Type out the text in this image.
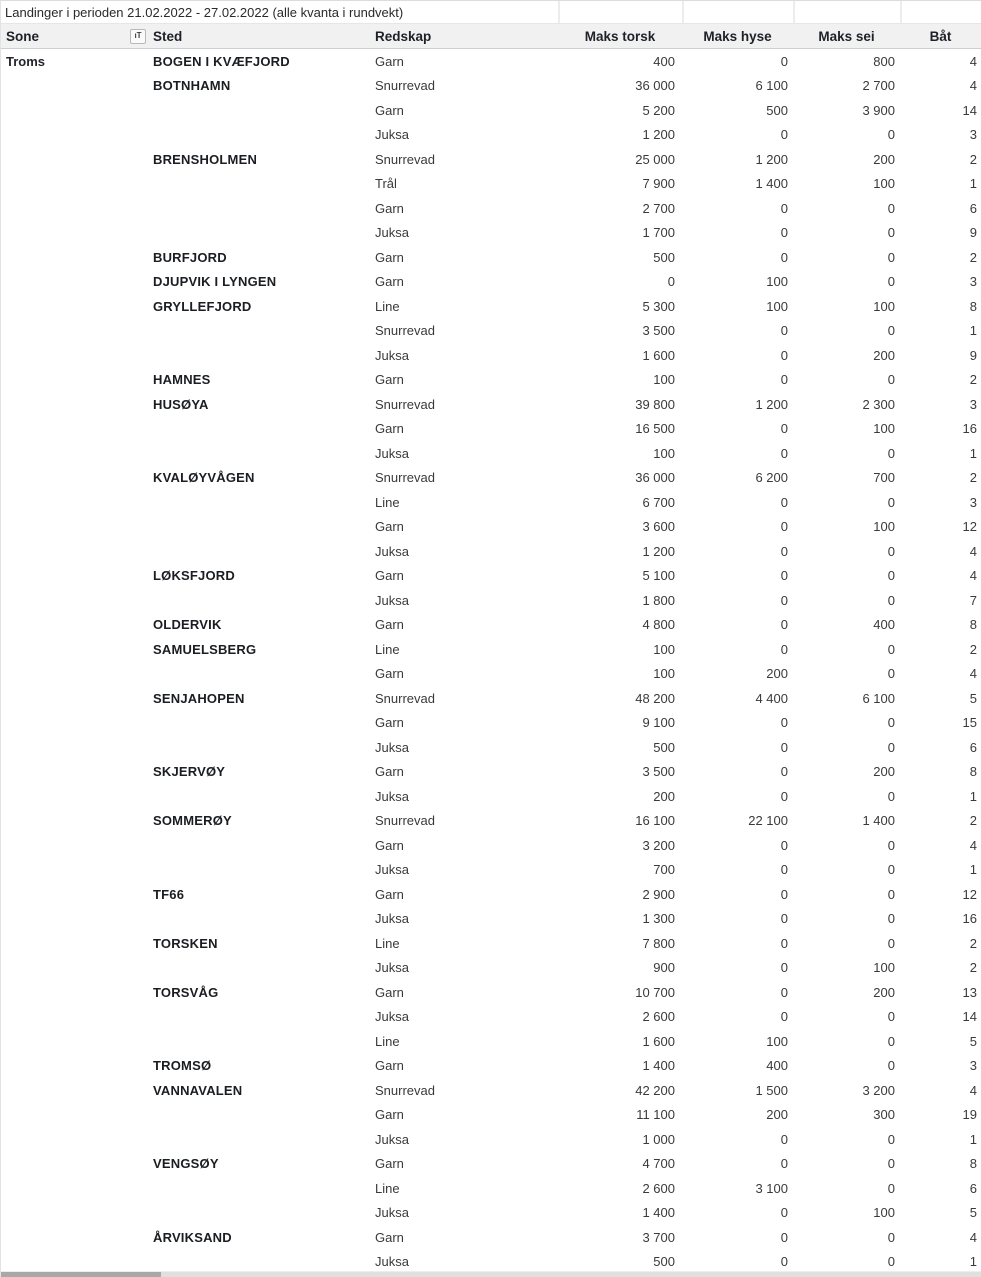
Landinger i perioden 21.02.2022 - 27.02.2022 (alle kvanta i rundvekt)
Sone	ıT Sted	Redskap	Maks torsk	Maks hyse	Maks sei	Båt
Troms	BOGEN I KVÆFJORD	Garn	400	0	800	4
BOTNHAMN	Snurrevad	36 000	6 100	2 700	4
Garn	5 200	500	3 900	14
Juksa	1 200	0	0	3
BRENSHOLMEN	Snurrevad	25 000	1 200	200	2
Trål	7 900	1 400	100	1
Garn	2 700	0	0	6
Juksa	1 700	0	0	9
BURFJORD	Garn	500	0	0	2
DJUPVIK I LYNGEN	Garn	0	100	0	3
GRYLLEFJORD	Line	5 300	100	100	8
Snurrevad	3 500	0	0	1
Juksa	1 600	0	200	9
HAMNES	Garn	100	0	0	2
HUSØYA	Snurrevad	39 800	1 200	2 300	3
Garn	16 500	0	100	16
Juksa	100	0	0	1
KVALØYVÅGEN	Snurrevad	36 000	6 200	700	2
Line	6 700	0	0	3
Garn	3 600	0	100	12
Juksa	1 200	0	0	4
LØKSFJORD	Garn	5 100	0	0	4
Juksa	1 800	0	0	7
OLDERVIK	Garn	4 800	0	400	8
SAMUELSBERG	Line	100	0	0	2
Garn	100	200	0	4
SENJAHOPEN	Snurrevad	48 200	4 400	6 100	5
Garn	9 100	0	0	15
Juksa	500	0	0	6
SKJERVØY	Garn	3 500	0	200	8
Juksa	200	0	0	1
SOMMERØY	Snurrevad	16 100	22 100	1 400	2
Garn	3 200	0	0	4
Juksa	700	0	0	1
TF66	Garn	2 900	0	0	12
Juksa	1 300	0	0	16
TORSKEN	Line	7 800	0	0	2
Juksa	900	0	100	2
TORSVÅG	Garn	10 700	0	200	13
Juksa	2 600	0	0	14
Line	1 600	100	0	5
TROMSØ	Garn	1 400	400	0	3
VANNAVALEN	Snurrevad	42 200	1 500	3 200	4
Garn	11 100	200	300	19
Juksa	1 000	0	0	1
VENGSØY	Garn	4 700	0	0	8
Line	2 600	3 100	0	6
Juksa	1 400	0	100	5
ÅRVIKSAND	Garn	3 700	0	0	4
Juksa	500	0	0	1
